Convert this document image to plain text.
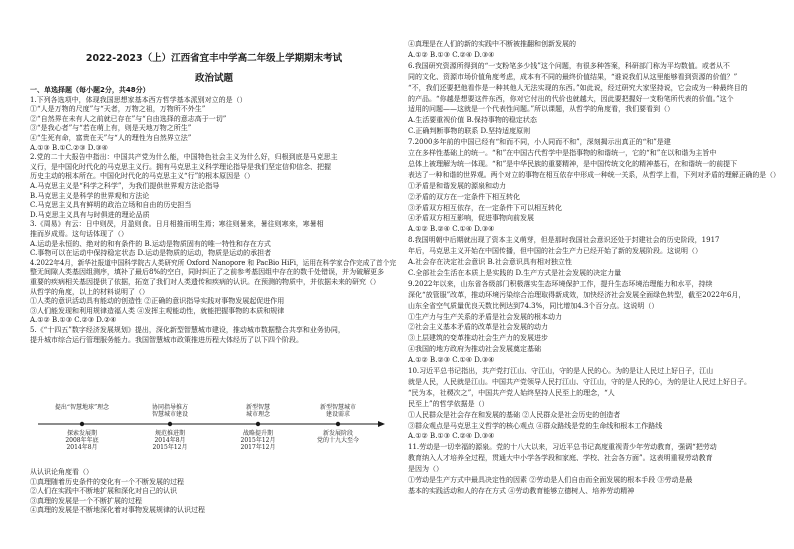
2022-2023（上）江西省宜丰中学高二年级上学期期末考试
政治试题
提出“智慧地球”理念
探索发展期
2008年年底
2014年8月
协同指导推方
智慧城市建设
规范推进期
2014年8月
2015年12月
新型智慧
城市理念
战略提升期
2015年12月
2017年12月
新型智慧城市
建设需求
新发展阶段
党的十九大至今
一、单选择题（每小题2分，共48分）
1.下列各选项中，体现我国思想家基本西方哲学基本派别对立的是（）
①“人是万物的尺度”与“天者，万物之祖，万物所不外生”
②“自然界在未有人之前就已存在”与“自由选择的意志高于一切”
③“是我心者”与“若在萌上有，则是天地万物之所生”
④“生死有命，富贵在天”与“人的理性为自然界立法”
A.①③ B.①C.②③ D.③④
2.党的二十大报告中指出：中国共产党为什么能，中国特色社会主义为什么好，归根到底是马克思主
义行，是中国化时代化的马克思主义行。拥有马克思主义科学理论指导是我们坚定信仰信念、把握
历史主动的根本所在。中国化时代化的马克思主义“行”的根本原因是（）
A.马克思主义是“科学之科学”，为我们提供世界观方法论指导
B.马克思主义是科学的世界观和方法论
C.马克思主义具有鲜明的政治立场和自由的历史担当
D.马克思主义具有与时俱进的理论品质
3.《周易》有云：日中则昃，月盈则食。日月相推而明生焉；寒往则暑来，暑往则寒来，寒暑相
推而岁成焉。这句话体现了（）
A.运动是永恒的、绝对的和有条件的 B.运动是物质固有的唯一特性和存在方式
C.事物可以在运动中保持稳定状态 D.运动是物质的运动，物质是运动的承担者
4.2022年4月，新华社报道中国科学院古人类研究所 Oxford Nanopore 和 PacBio HiFi，运用在科学家合作完成了首个完
整无间隙人类基因组测序，填补了最后8%的空白，同时纠正了之前参考基因组中存在的数千处错误，并为破解更多
重要的疾病相关基因提供了依据，拓宽了我们对人类遗传和疾病的认识。在预测的物质中，并依据未来的研究（）
从哲学的角度，以上的材料说明了（）
①人类的意识活动具有能动的创造性 ②正确的意识指导实践对事物发展起促进作用
③人们能发现和利用规律造福人类 ④发挥主观能动性，就能把握事物的本质和规律
A.①② B.①③ C.②③ D.②④
5.《“十四五”数字经济发展规划》提出，深化新型智慧城市建设，推动城市数据整合共享和业务协同，
提升城市综合运行管理服务能力。我国智慧城市政策推进历程大体经历了以下四个阶段。
从认识论角度看（）
①真理随着历史条件的变化有一个不断发展的过程
②人们在实践中不断地扩展和深化对自己的认识
③真理的发展是一个不断扩展的过程
④真理的发展是不断地深化着对事物发展规律的认识过程
④真理是在人们的新的实践中不断被推翻和创新发展的
A.①② B.①③ C.②④ D.③④
6.我国研究资源所得到的“一支粉笔多少钱”这个问题，有很多种答案，科研部门称为平均数值。或者从不
同的文化、资源市场价值角度考虑，成本有不同的最终价值结果，“谁说我们从这里能够看到资源的价值？”
“不，我们还要把他看作是一种其他人无法实现的东西。”如此说，经过研究大家坚持说，它会成为一种最终目的
的产品。“你越是想要这件东西，你对它付出的代价也就越大，因此要把握好一支粉笔所代表的价值。”这个
适用的问题——这就是一个代表性问题。”所以课题，从哲学的角度看，我们要看到（）
A.生活要重视价值 B.保持事物的稳定状态
C.正确判断事物的联系 D.坚持适度原则
7.2000多年前的中国已经有“和而不同，小人同而不和”，深刻揭示出真正的“和”是建
立在多样性基础上的统一。“和”在中国古代哲学中是指事物的和谐统一，它的“和”在以和谐为主旨中
总体上被理解为统一体现。“和”是中华民族的重要精神，是中国传统文化的精神基石，在和谐统一的前提下
表达了一种和谐的世界观。两个对立的事物在相互依存中形成一种统一关系，从哲学上看，下列对矛盾的理解正确的是（）
①矛盾是和谐发展的源泉和动力
②矛盾的双方在一定条件下相互转化
③矛盾双方相互依存，在一定条件下可以相互转化
④矛盾双方相互影响，促进事物向前发展
A.①② B.②④ C.①④ D.③④
8.我国明朝中后期就出现了资本主义萌芽，但是那时我国社会意识还处于封建社会的历史阶段，1917
年后，马克思主义开始在中国传播，但中国的社会生产力已经开始了新的发展阶段。这说明（）
A.社会存在决定社会意识 B.社会意识具有相对独立性
C.全部社会生活在本质上是实践的 D.生产方式是社会发展的决定力量
9.2022年以来，山东省各级部门积极落实生态环境保护工作，提升生态环境治理能力和水平，持续
深化“放管服”改革，推动环境污染综合治理取得新成效，加快经济社会发展全面绿色转型，截至2022年6月，
山东全省空气质量优良天数比例达到74.3%，同比增加4.3个百分点。这说明（）
①生产力与生产关系的矛盾是社会发展的根本动力
②社会主义基本矛盾的改革是社会发展的动力
③上层建筑的变革推动社会生产力的发展进步
④我国的地方政府为推动社会发展奠定基础
A.①② B.②③ C.①④ D.③④
10.习近平总书记指出，共产党打江山、守江山，守的是人民的心。为的是让人民过上好日子，江山
就是人民，人民就是江山。中国共产党领导人民打江山、守江山，守的是人民的心，为的是让人民过上好日子。
“民为本，社稷次之”，中国共产党人始终坚持人民至上的理念，“人
民至上”的哲学依据是（）
①人民群众是社会存在和发展的基础 ②人民群众是社会历史的创造者
③群众观点是马克思主义哲学的核心观点 ④群众路线是党的生命线和根本工作路线
A.①② B.①③ C.②④ D.③④
11.劳动是一切幸福的源泉。党的十八大以来，习近平总书记高度重视青少年劳动教育，强调“把劳动
教育纳入人才培养全过程，贯通大中小学各学段和家庭、学校、社会各方面”。这表明重视劳动教育
是因为（）
①劳动是生产方式中最具决定性的因素 ②劳动是人们自由而全面发展的根本手段 ③劳动是最
基本的实践活动和人的存在方式 ④劳动教育能够立德树人、培养劳动精神
